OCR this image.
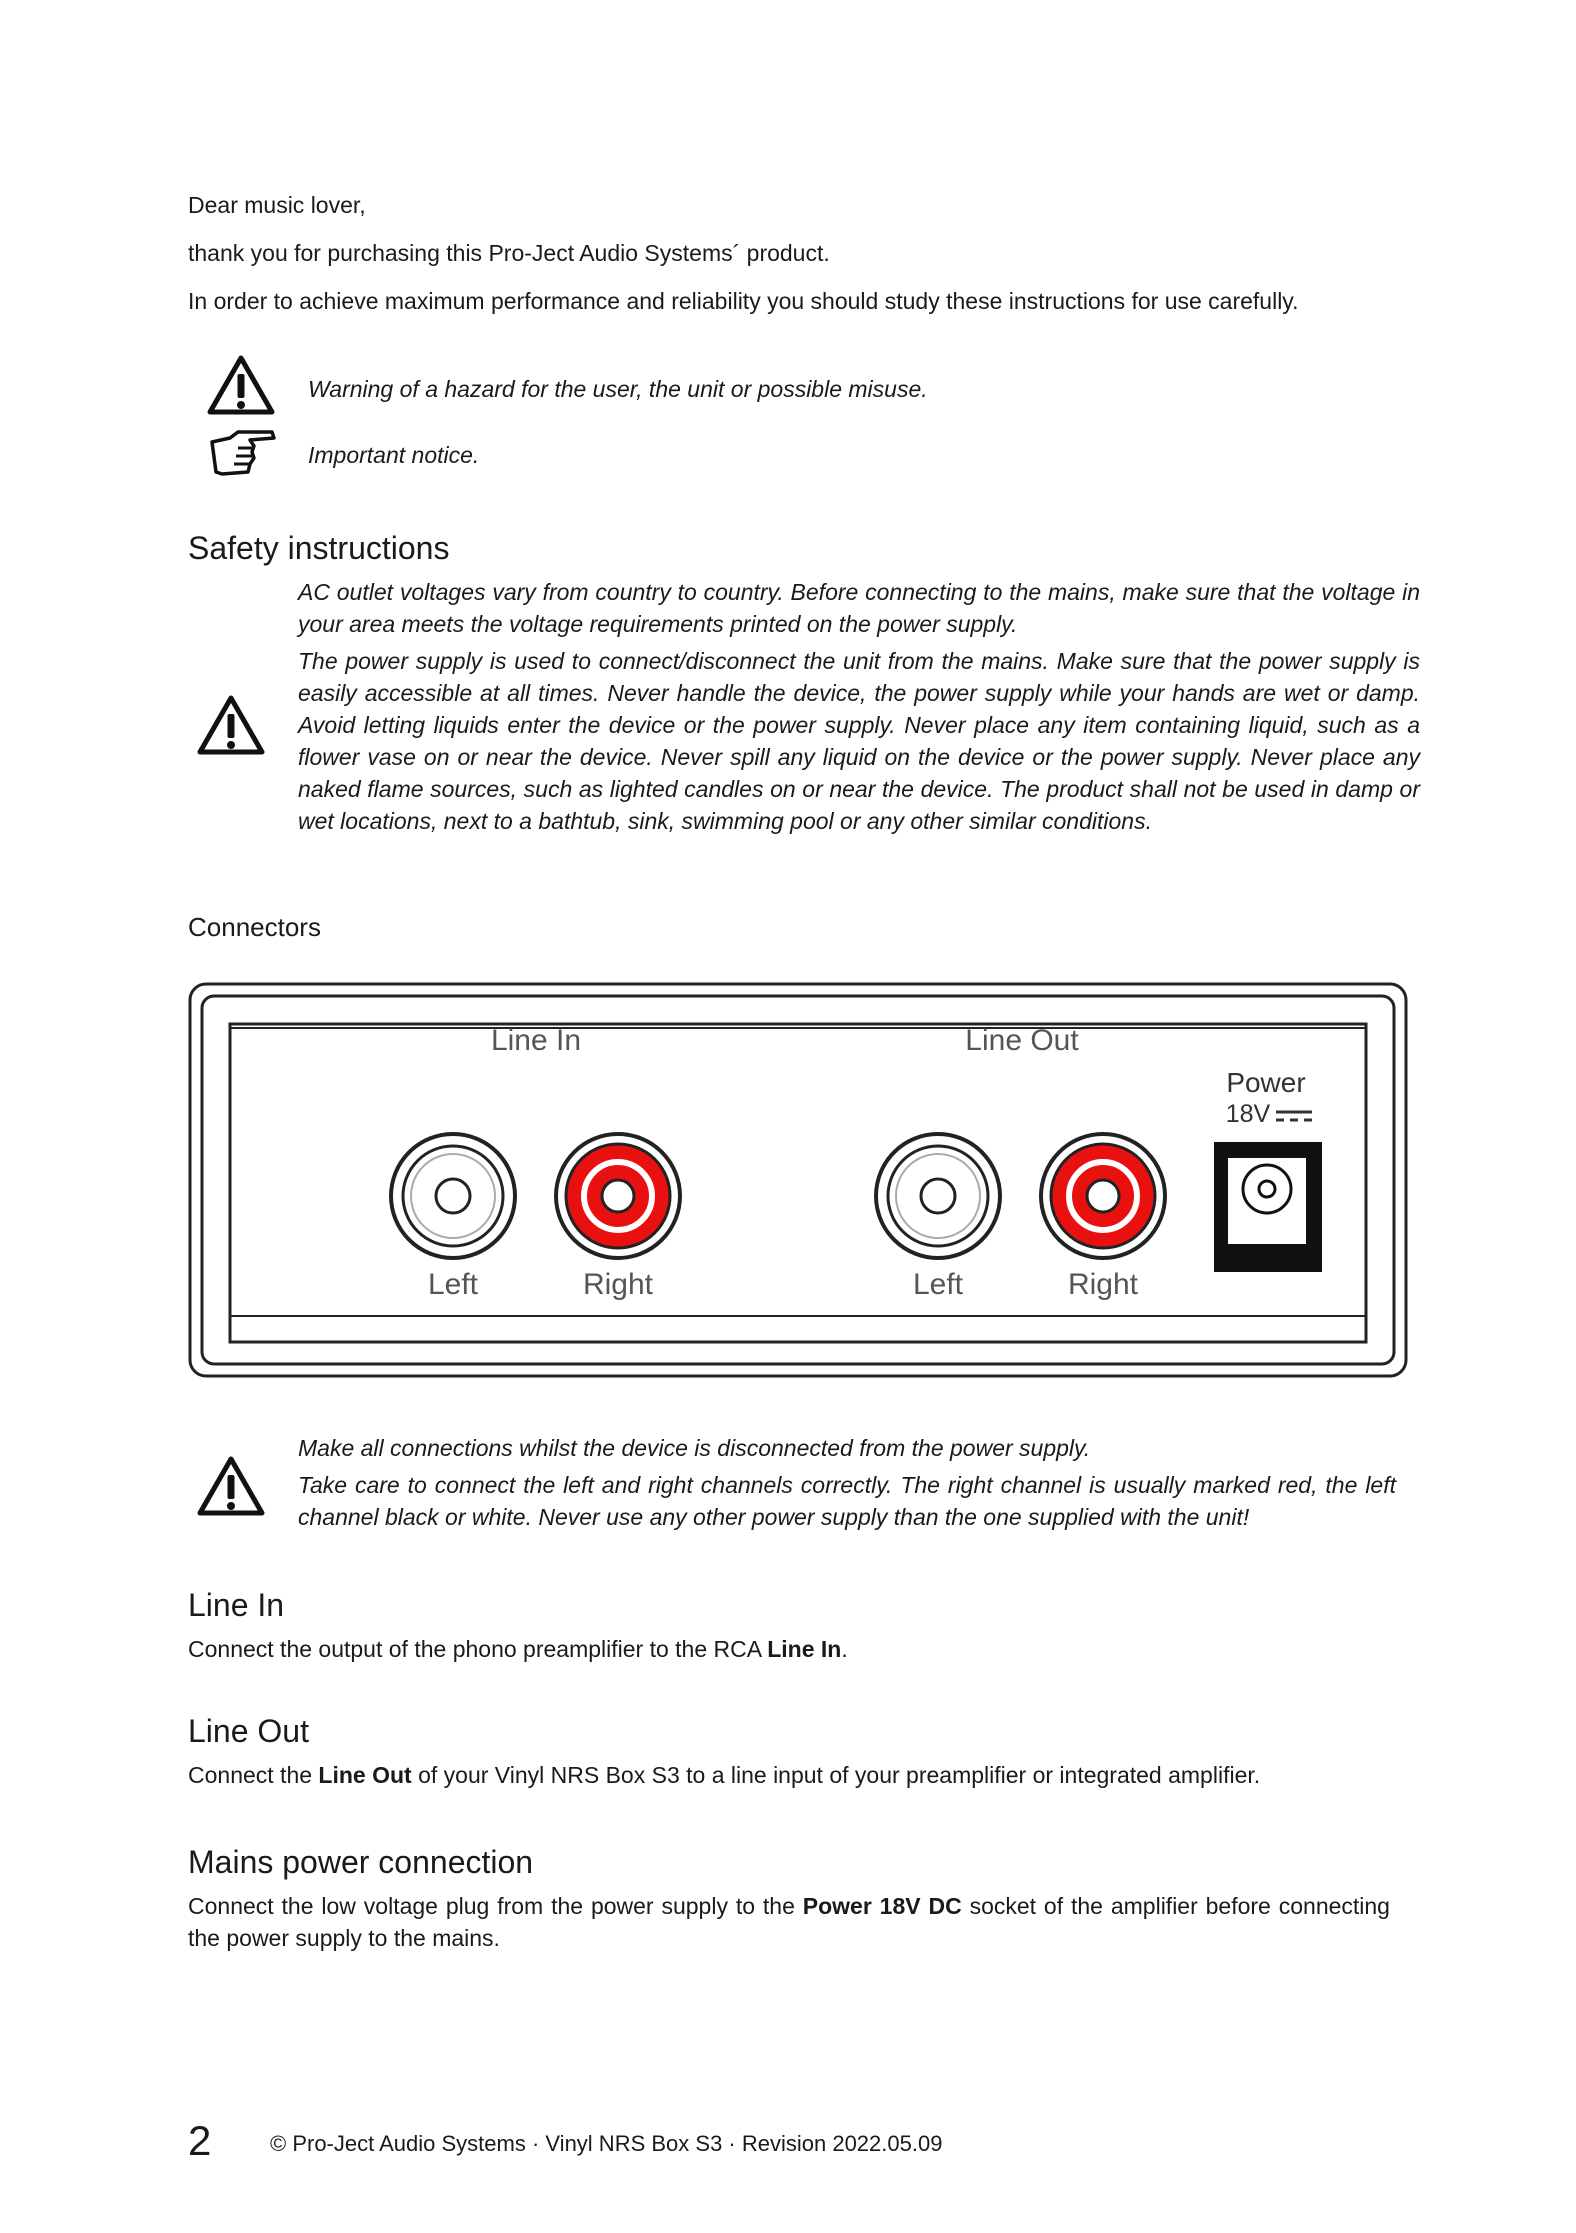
Dear music lover,
thank you for purchasing this Pro-Ject Audio Systems´ product.
In order to achieve maximum performance and reliability you should study these instructions for use carefully.
Warning of a hazard for the user, the unit or possible misuse.
Important notice.
Safety instructions
AC outlet voltages vary from country to country. Before connecting to the mains, make sure that the voltage in your area meets the voltage requirements printed on the power supply.
The power supply is used to connect/disconnect the unit from the mains. Make sure that the power supply is easily accessible at all times. Never handle the device, the power supply while your hands are wet or damp. Avoid letting liquids enter the device or the power supply. Never place any item containing liquid, such as a flower vase on or near the device. Never spill any liquid on the device or the power supply. Never place any naked flame sources, such as lighted candles on or near the device. The product shall not be used in damp or wet locations, next to a bathtub, sink, swimming pool or any other similar conditions.
Connectors
Line In	Line Out
Left	Right	Left	Right
Power
18V
Make all connections whilst the device is disconnected from the power supply.
Take care to connect the left and right channels correctly. The right channel is usually marked red, the left channel black or white. Never use any other power supply than the one supplied with the unit!
Line In
Connect the output of the phono preamplifier to the RCA Line In.
Line Out
Connect the Line Out of your Vinyl NRS Box S3 to a line input of your preamplifier or integrated amplifier.
Mains power connection
Connect the low voltage plug from the power supply to the Power 18V DC socket of the amplifier before connecting the power supply to the mains.
2	© Pro-Ject Audio Systems · Vinyl NRS Box S3 · Revision 2022.05.09
